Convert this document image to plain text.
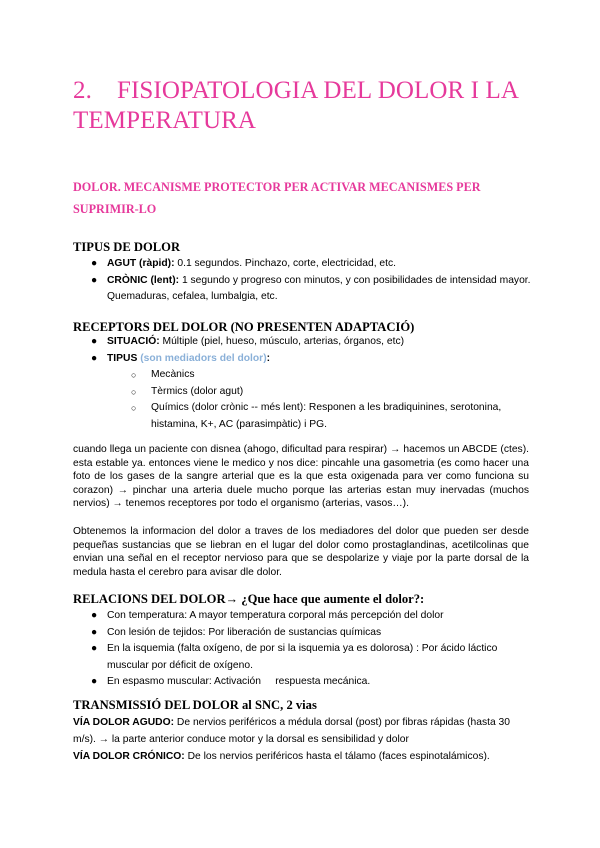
2. FISIOPATOLOGIA DEL DOLOR I LA TEMPERATURA
DOLOR. MECANISME PROTECTOR PER ACTIVAR MECANISMES PER
SUPRIMIR-LO
TIPUS DE DOLOR
● AGUT (ràpid): 0.1 segundos. Pinchazo, corte, electricidad, etc.
● CRÒNIC (lent): 1 segundo y progreso con minutos, y con posibilidades de intensidad mayor. Quemaduras, cefalea, lumbalgia, etc.
RECEPTORS DEL DOLOR (NO PRESENTEN ADAPTACIÓ)
● SITUACIÓ: Múltiple (piel, hueso, músculo, arterias, órganos, etc)
● TIPUS (son mediadors del dolor):
○ Mecànics
○ Tèrmics (dolor agut)
○ Químics (dolor crònic -- més lent): Responen a les bradiquinines, serotonina, histamina, K+, AC (parasimpàtic) i PG.
cuando llega un paciente con disnea (ahogo, dificultad para respirar) → hacemos un ABCDE (ctes). esta estable ya. entonces viene le medico y nos dice: pincahle una gasometria (es como hacer una foto de los gases de la sangre arterial que es la que esta oxigenada para ver como funciona su corazon) → pinchar una arteria duele mucho porque las arterias estan muy inervadas (muchos nervios) → tenemos receptores por todo el organismo (arterias, vasos…).
Obtenemos la informacion del dolor a traves de los mediadores del dolor que pueden ser desde pequeñas sustancias que se liebran en el lugar del dolor como prostaglandinas, acetilcolinas que envian una señal en el receptor nervioso para que se despolarize y viaje por la parte dorsal de la medula hasta el cerebro para avisar dle dolor.
RELACIONS DEL DOLOR→ ¿Que hace que aumente el dolor?:
● Con temperatura: A mayor temperatura corporal más percepción del dolor
● Con lesión de tejidos: Por liberación de sustancias químicas
● En la isquemia (falta oxígeno, de por si la isquemia ya es dolorosa) : Por ácido láctico muscular por déficit de oxígeno.
● En espasmo muscular: Activación     respuesta mecánica.
TRANSMISSIÓ DEL DOLOR al SNC, 2 vias
VÍA DOLOR AGUDO: De nervios periféricos a médula dorsal (post) por fibras rápidas (hasta 30 m/s). → la parte anterior conduce motor y la dorsal es sensibilidad y dolor
VÍA DOLOR CRÓNICO: De los nervios periféricos hasta el tálamo (faces espinotalámicos).
